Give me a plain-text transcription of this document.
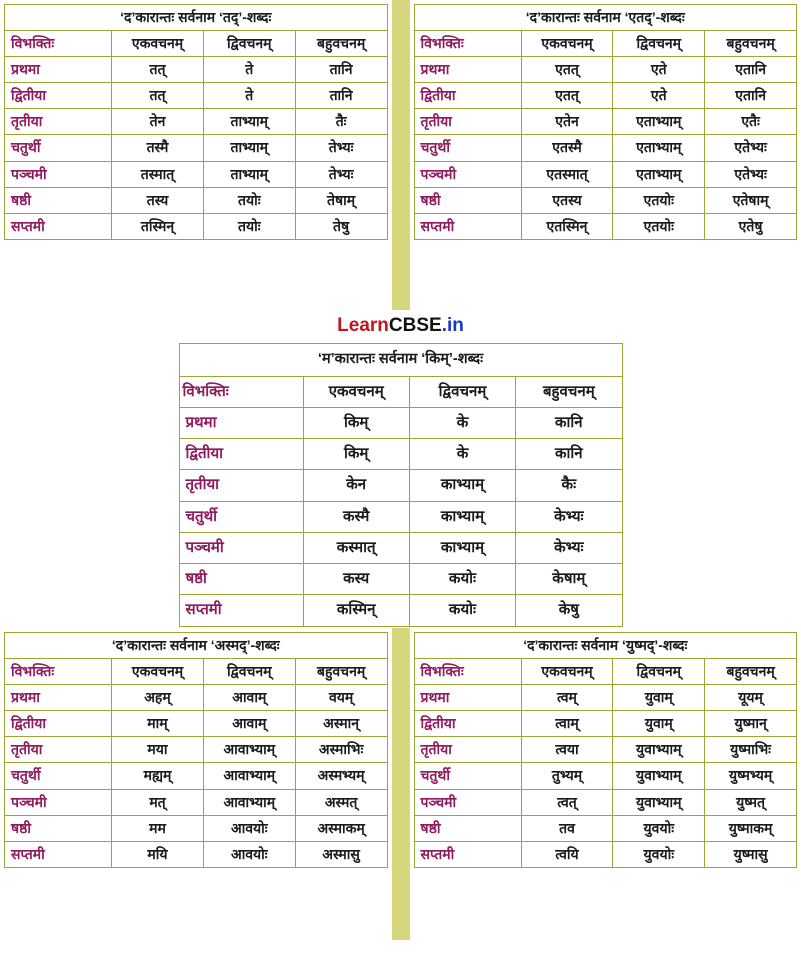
‘द’कारान्तः सर्वनाम ‘तद्’-शब्दः			
विभक्तिः	एकवचनम्	द्विवचनम्	बहुवचनम्
प्रथमा	तत्	ते	तानि
द्वितीया	तत्	ते	तानि
तृतीया	तेन	ताभ्याम्	तैः
चतुर्थी	तस्मै	ताभ्याम्	तेभ्यः
पञ्चमी	तस्मात्	ताभ्याम्	तेभ्यः
षष्ठी	तस्य	तयोः	तेषाम्
सप्तमी	तस्मिन्	तयोः	तेषु
‘द’कारान्तः सर्वनाम ‘एतद्’-शब्दः			
विभक्तिः	एकवचनम्	द्विवचनम्	बहुवचनम्
प्रथमा	एतत्	एते	एतानि
द्वितीया	एतत्	एते	एतानि
तृतीया	एतेन	एताभ्याम्	एतैः
चतुर्थी	एतस्मै	एताभ्याम्	एतेभ्यः
पञ्चमी	एतस्मात्	एताभ्याम्	एतेभ्यः
षष्ठी	एतस्य	एतयोः	एतेषाम्
सप्तमी	एतस्मिन्	एतयोः	एतेषु
LearnCBSE.in
‘म’कारान्तः सर्वनाम ‘किम्’-शब्दः			
विभक्तिः	एकवचनम्	द्विवचनम्	बहुवचनम्
प्रथमा	किम्	के	कानि
द्वितीया	किम्	के	कानि
तृतीया	केन	काभ्याम्	कैः
चतुर्थी	कस्मै	काभ्याम्	केभ्यः
पञ्चमी	कस्मात्	काभ्याम्	केभ्यः
षष्ठी	कस्य	कयोः	केषाम्
सप्तमी	कस्मिन्	कयोः	केषु
‘द’कारान्तः सर्वनाम ‘अस्मद्’-शब्दः			
विभक्तिः	एकवचनम्	द्विवचनम्	बहुवचनम्
प्रथमा	अहम्	आवाम्	वयम्
द्वितीया	माम्	आवाम्	अस्मान्
तृतीया	मया	आवाभ्याम्	अस्माभिः
चतुर्थी	मह्यम्	आवाभ्याम्	अस्मभ्यम्
पञ्चमी	मत्	आवाभ्याम्	अस्मत्
षष्ठी	मम	आवयोः	अस्माकम्
सप्तमी	मयि	आवयोः	अस्मासु
‘द’कारान्तः सर्वनाम ‘युष्मद्’-शब्दः			
विभक्तिः	एकवचनम्	द्विवचनम्	बहुवचनम्
प्रथमा	त्वम्	युवाम्	यूयम्
द्वितीया	त्वाम्	युवाम्	युष्मान्
तृतीया	त्वया	युवाभ्याम्	युष्माभिः
चतुर्थी	तुभ्यम्	युवाभ्याम्	युष्मभ्यम्
पञ्चमी	त्वत्	युवाभ्याम्	युष्मत्
षष्ठी	तव	युवयोः	युष्माकम्
सप्तमी	त्वयि	युवयोः	युष्मासु
